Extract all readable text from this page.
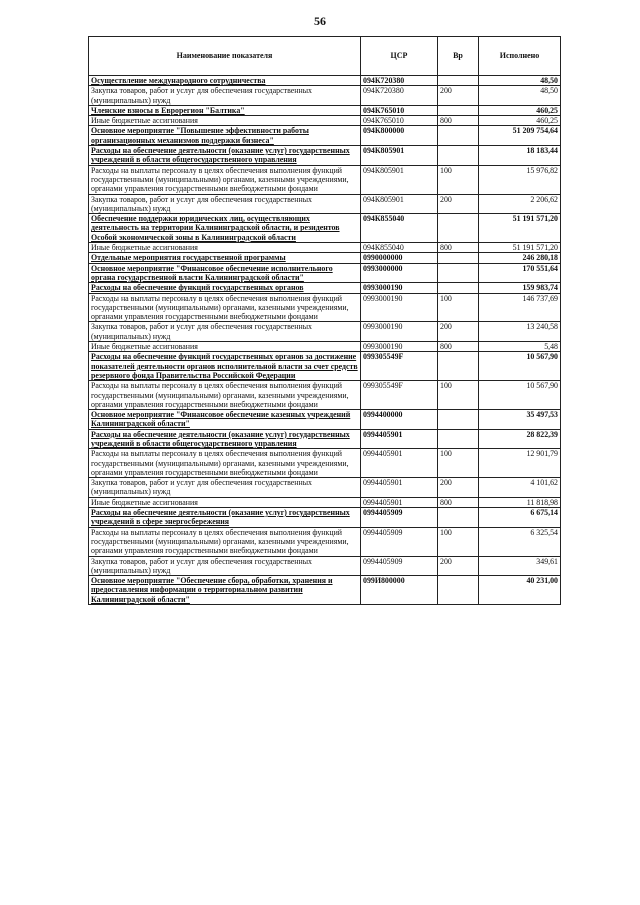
56
Наименование показателя	ЦСР	Вр	Исполнено
Осуществление международного сотрудничества	094К720380		48,50
Закупка товаров, работ и услуг для обеспечения государственных (муниципальных) нужд	094К720380	200	48,50
Членские взносы в Еврорегион "Балтика"	094К765010		460,25
Иные бюджетные ассигнования	094К765010	800	460,25
Основное мероприятие "Повышение эффективности работы организационных механизмов поддержки бизнеса"	094К800000		51 209 754,64
Расходы на обеспечение деятельности (оказание услуг) государственных учреждений в области общегосударственного управления	094К805901		18 183,44
Расходы на выплаты персоналу в целях обеспечения выполнения функций государственными (муниципальными) органами, казенными учреждениями, органами управления государственными внебюджетными фондами	094К805901	100	15 976,82
Закупка товаров, работ и услуг для обеспечения государственных (муниципальных) нужд	094К805901	200	2 206,62
Обеспечение поддержки юридических лиц, осуществляющих деятельность на территории Калининградской области, и резидентов Особой экономической зоны в Калининградской области	094К855040		51 191 571,20
Иные бюджетные ассигнования	094К855040	800	51 191 571,20
Отдельные мероприятия государственной программы	0990000000		246 280,18
Основное мероприятие "Финансовое обеспечение исполнительного органа государственной власти Калининградской области"	0993000000		170 551,64
Расходы на обеспечение функций государственных органов	0993000190		159 983,74
Расходы на выплаты персоналу в целях обеспечения выполнения функций государственными (муниципальными) органами, казенными учреждениями, органами управления государственными внебюджетными фондами	0993000190	100	146 737,69
Закупка товаров, работ и услуг для обеспечения государственных (муниципальных) нужд	0993000190	200	13 240,58
Иные бюджетные ассигнования	0993000190	800	5,48
Расходы на обеспечение функций государственных органов за достижение показателей деятельности органов исполнительной власти за счет средств резервного фонда Правительства Российской Федерации	099305549F		10 567,90
Расходы на выплаты персоналу в целях обеспечения выполнения функций государственными (муниципальными) органами, казенными учреждениями, органами управления государственными внебюджетными фондами	099305549F	100	10 567,90
Основное мероприятие "Финансовое обеспечение казенных учреждений Калининградской области"	0994400000		35 497,53
Расходы на обеспечение деятельности (оказание услуг) государственных учреждений в области общегосударственного управления	0994405901		28 822,39
Расходы на выплаты персоналу в целях обеспечения выполнения функций государственными (муниципальными) органами, казенными учреждениями, органами управления государственными внебюджетными фондами	0994405901	100	12 901,79
Закупка товаров, работ и услуг для обеспечения государственных (муниципальных) нужд	0994405901	200	4 101,62
Иные бюджетные ассигнования	0994405901	800	11 818,98
Расходы на обеспечение деятельности (оказание услуг) государственных учреждений в сфере энергосбережения	0994405909		6 675,14
Расходы на выплаты персоналу в целях обеспечения выполнения функций государственными (муниципальными) органами, казенными учреждениями, органами управления государственными внебюджетными фондами	0994405909	100	6 325,54
Закупка товаров, работ и услуг для обеспечения государственных (муниципальных) нужд	0994405909	200	349,61
Основное мероприятие "Обеспечение сбора, обработки, хранения и предоставления информации о территориальном развитии Калининградской области"	099И800000		40 231,00
